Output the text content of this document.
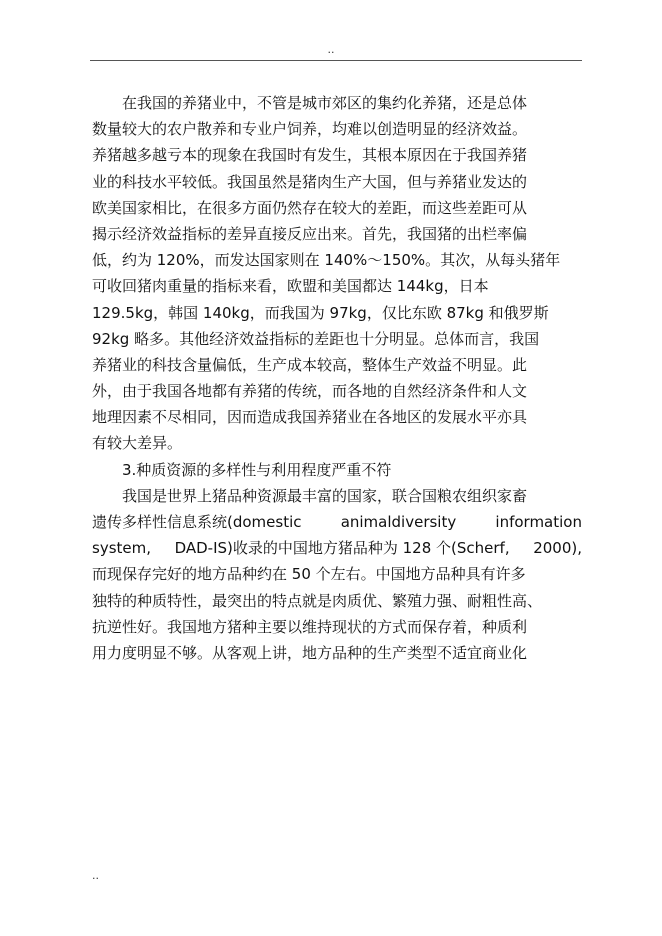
..
在我国的养猪业中，不管是城市郊区的集约化养猪，还是总体
数量较大的农户散养和专业户饲养，均难以创造明显的经济效益。
养猪越多越亏本的现象在我国时有发生，其根本原因在于我国养猪
业的科技水平较低。我国虽然是猪肉生产大国，但与养猪业发达的
欧美国家相比，在很多方面仍然存在较大的差距，而这些差距可从
揭示经济效益指标的差异直接反应出来。首先，我国猪的出栏率偏
低，约为 120%，而发达国家则在 140%～150%。其次，从每头猪年
可收回猪肉重量的指标来看，欧盟和美国都达 144kg，日本
129.5kg，韩国 140kg，而我国为 97kg，仅比东欧 87kg 和俄罗斯
92kg 略多。其他经济效益指标的差距也十分明显。总体而言，我国
养猪业的科技含量偏低，生产成本较高，整体生产效益不明显。此
外，由于我国各地都有养猪的传统，而各地的自然经济条件和人文
地理因素不尽相同，因而造成我国养猪业在各地区的发展水平亦具
有较大差异。
3.种质资源的多样性与利用程度严重不符
我国是世界上猪品种资源最丰富的国家，联合国粮农组织家畜
遗传多样性信息系统(domestic	animaldiversity	information
system, DAD-IS)收录的中国地方猪品种为 128 个(Scherf, 2000),
而现保存完好的地方品种约在 50 个左右。中国地方品种具有许多
独特的种质特性，最突出的特点就是肉质优、繁殖力强、耐粗性高、
抗逆性好。我国地方猪种主要以维持现状的方式而保存着，种质利
用力度明显不够。从客观上讲，地方品种的生产类型不适宜商业化
..
